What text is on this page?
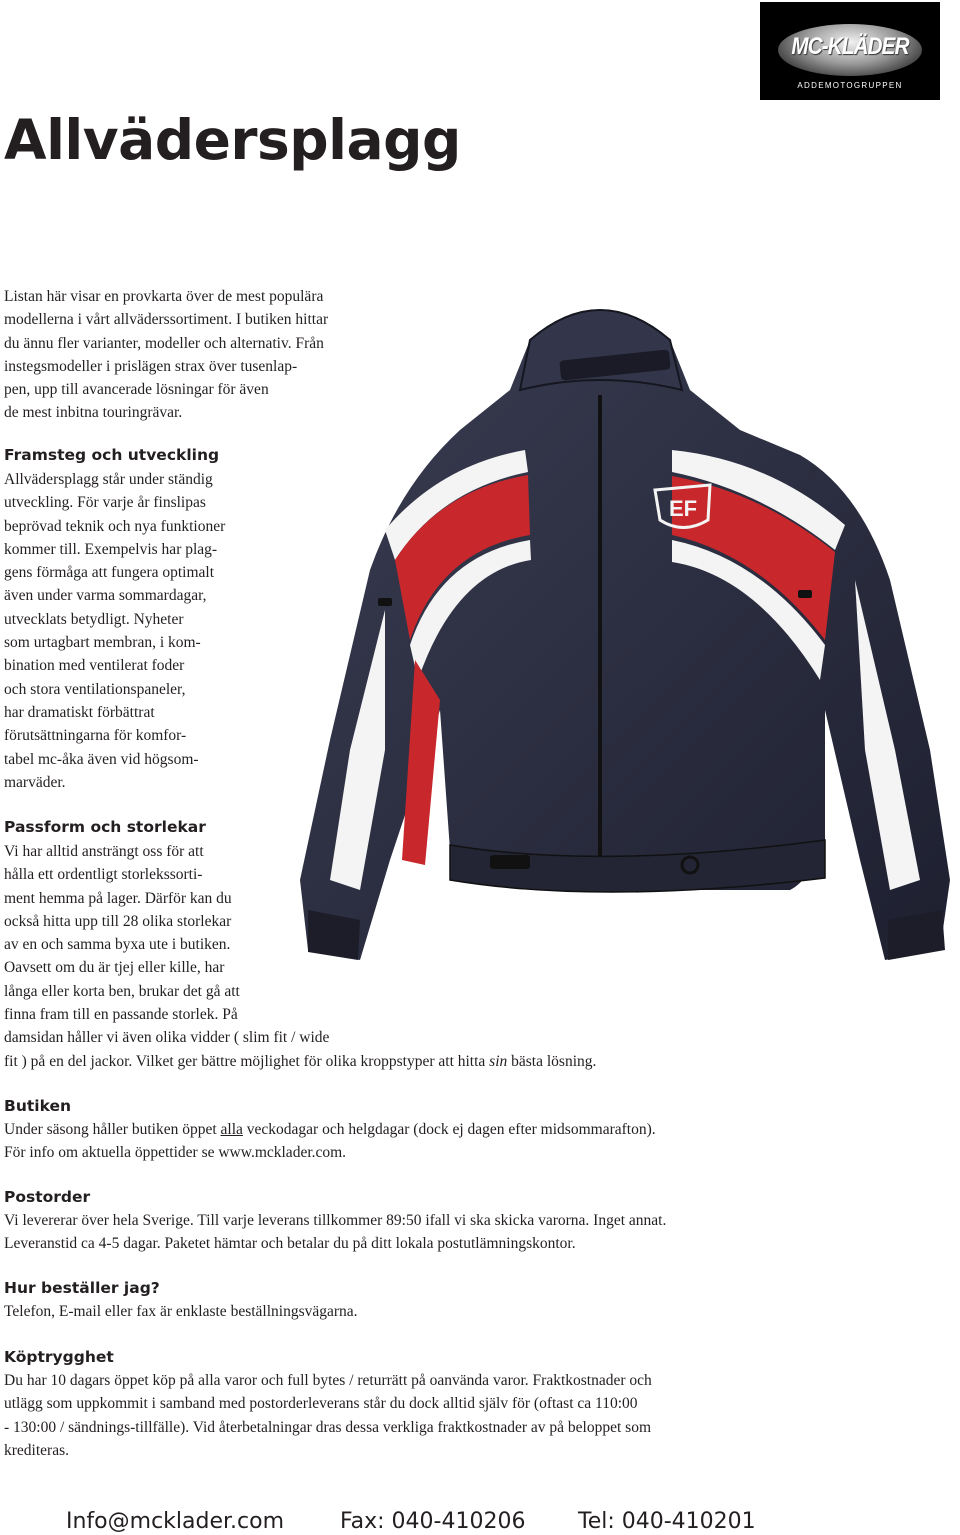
MC-KLÄDER
ADDEMOTOGRUPPEN
Allvädersplagg
EF
Listan här visar en provkarta över de mest populära
modellerna i vårt allväderssortiment. I butiken hittar
du ännu fler varianter, modeller och alternativ. Från
instegsmodeller i prislägen strax över tusenlap-
pen, upp till avancerade lösningar för även
de mest inbitna touringrävar.
Framsteg och utveckling
Allvädersplagg står under ständig
utveckling. För varje år finslipas
beprövad teknik och nya funktioner
kommer till. Exempelvis har plag-
gens förmåga att fungera optimalt
även under varma sommardagar,
utvecklats betydligt. Nyheter
som urtagbart membran, i kom-
bination med ventilerat foder
och stora ventilationspaneler,
har dramatiskt förbättrat
förutsättningarna för komfor-
tabel mc-åka även vid högsom-
marväder.
Passform och storlekar
Vi har alltid ansträngt oss för att
hålla ett ordentligt storlekssorti-
ment hemma på lager. Därför kan du
också hitta upp till 28 olika storlekar
av en och samma byxa ute i butiken.
Oavsett om du är tjej eller kille, har
långa eller korta ben, brukar det gå att
finna fram till en passande storlek. På
damsidan håller vi även olika vidder ( slim fit / wide
fit ) på en del jackor. Vilket ger bättre möjlighet för olika kroppstyper att hitta sin bästa lösning.
Butiken
Under säsong håller butiken öppet alla veckodagar och helgdagar (dock ej dagen efter midsommarafton).
För info om aktuella öppettider se www.mcklader.com.
Postorder
Vi levererar över hela Sverige. Till varje leverans tillkommer 89:50 ifall vi ska skicka varorna. Inget annat.
Leveranstid ca 4-5 dagar. Paketet hämtar och betalar du på ditt lokala postutlämningskontor.
Hur beställer jag?
Telefon, E-mail eller fax är enklaste beställningsvägarna.
Köptrygghet
Du har 10 dagars öppet köp på alla varor och full bytes / returrätt på oanvända varor. Fraktkostnader och
utlägg som uppkommit i samband med postorderleverans står du dock alltid själv för (oftast ca 110:00
- 130:00 / sändnings-tillfälle). Vid återbetalningar dras dessa verkliga fraktkostnader av på beloppet som
krediteras.
Info@mcklader.com	Fax: 040-410206 Tel: 040-410201
